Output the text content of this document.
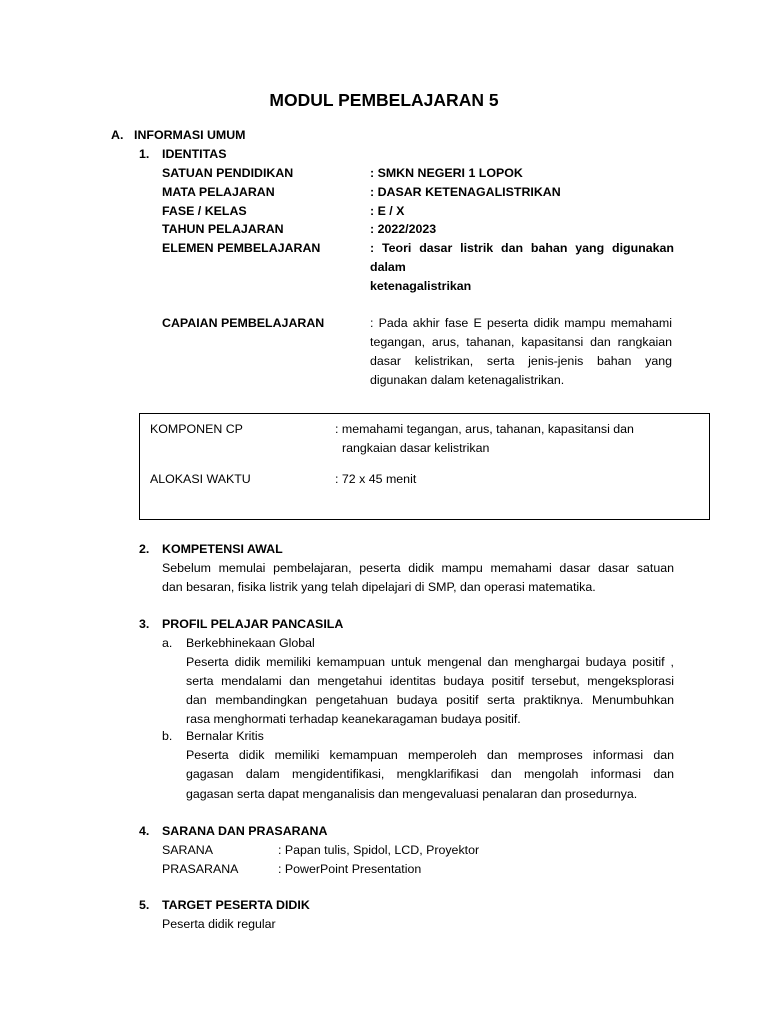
MODUL PEMBELAJARAN 5
A. INFORMASI UMUM
1. IDENTITAS
SATUAN PENDIDIKAN	: SMKN NEGERI 1 LOPOK
MATA PELAJARAN	: DASAR KETENAGALISTRIKAN
FASE / KELAS	: E / X
TAHUN PELAJARAN	: 2022/2023
ELEMEN PEMBELAJARAN	: Teori dasar listrik dan bahan yang digunakan
dalam
ketenagalistrikan
CAPAIAN PEMBELAJARAN	: Pada akhir fase E peserta didik mampu memahami
tegangan, arus, tahanan, kapasitansi dan rangkaian
dasar kelistrikan, serta jenis-jenis bahan yang
digunakan dalam ketenagalistrikan.
KOMPONEN CP	: memahami tegangan, arus, tahanan, kapasitansi dan
rangkaian dasar kelistrikan
ALOKASI WAKTU	: 72 x 45 menit
2. KOMPETENSI AWAL
Sebelum memulai pembelajaran, peserta didik mampu memahami dasar dasar satuan
dan besaran, fisika listrik yang telah dipelajari di SMP, dan operasi matematika.
3. PROFIL PELAJAR PANCASILA
a. Berkebhinekaan Global
Peserta didik memiliki kemampuan untuk mengenal dan menghargai budaya positif ,
serta mendalami dan mengetahui identitas budaya positif tersebut, mengeksplorasi
dan membandingkan pengetahuan budaya positif serta praktiknya. Menumbuhkan
rasa menghormati terhadap keanekaragaman budaya positif.
b. Bernalar Kritis
Peserta didik memiliki kemampuan memperoleh dan memproses informasi dan
gagasan dalam mengidentifikasi, mengklarifikasi dan mengolah informasi dan
gagasan serta dapat menganalisis dan mengevaluasi penalaran dan prosedurnya.
4. SARANA DAN PRASARANA
SARANA	: Papan tulis, Spidol, LCD, Proyektor
PRASARANA	: PowerPoint Presentation
5. TARGET PESERTA DIDIK
Peserta didik regular
